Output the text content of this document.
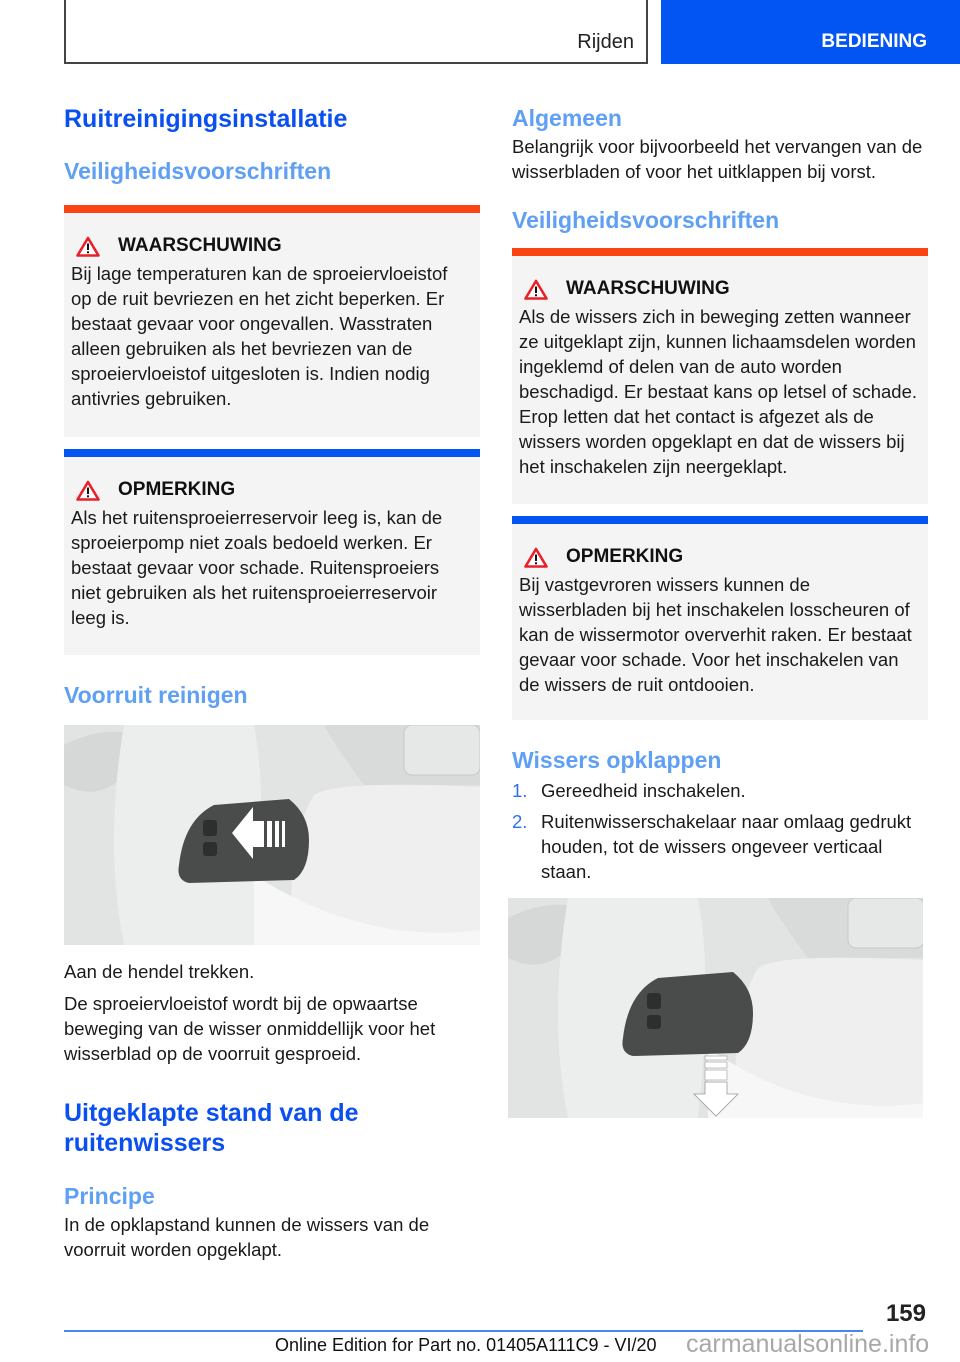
Rijden	BEDIENING
Ruitreinigingsinstallatie
Veiligheidsvoorschriften
WAARSCHUWING

Bij lage temperaturen kan de sproeiervloeistof op de ruit bevriezen en het zicht beperken. Er bestaat gevaar voor ongevallen. Wasstraten alleen gebruiken als het bevriezen van de sproeiervloeistof uitgesloten is. Indien nodig antivries gebruiken.

OPMERKING

Als het ruitensproeierreservoir leeg is, kan de sproeierpomp niet zoals bedoeld werken. Er bestaat gevaar voor schade. Ruitensproeiers niet gebruiken als het ruitensproeierreservoir leeg is.

Voorruit reinigen

Aan de hendel trekken.

De sproeiervloeistof wordt bij de opwaartse beweging van de wisser onmiddellijk voor het wisserblad op de voorruit gesproeid.

Uitgeklapte stand van de ruitenwissers
Principe

In de opklapstand kunnen de wissers van de voorruit worden opgeklapt.

Algemeen

Belangrijk voor bijvoorbeeld het vervangen van de wisserbladen of voor het uitklappen bij vorst.

Veiligheidsvoorschriften
WAARSCHUWING

Als de wissers zich in beweging zetten wanneer ze uitgeklapt zijn, kunnen lichaamsdelen worden ingeklemd of delen van de auto worden beschadigd. Er bestaat kans op letsel of schade. Erop letten dat het contact is afgezet als de wissers worden opgeklapt en dat de wissers bij het inschakelen zijn neergeklapt.

OPMERKING

Bij vastgevroren wissers kunnen de wisserbladen bij het inschakelen losscheuren of kan de wissermotor oververhit raken. Er bestaat gevaar voor schade. Voor het inschakelen van de wissers de ruit ontdooien.

Wissers opklappen
1. Gereedheid inschakelen.
2. Ruitenwisserschakelaar naar omlaag gedrukt houden, tot de wissers ongeveer verticaal staan.
159
Online Edition for Part no. 01405A111C9 - VI/20 carmanualsonline.info
